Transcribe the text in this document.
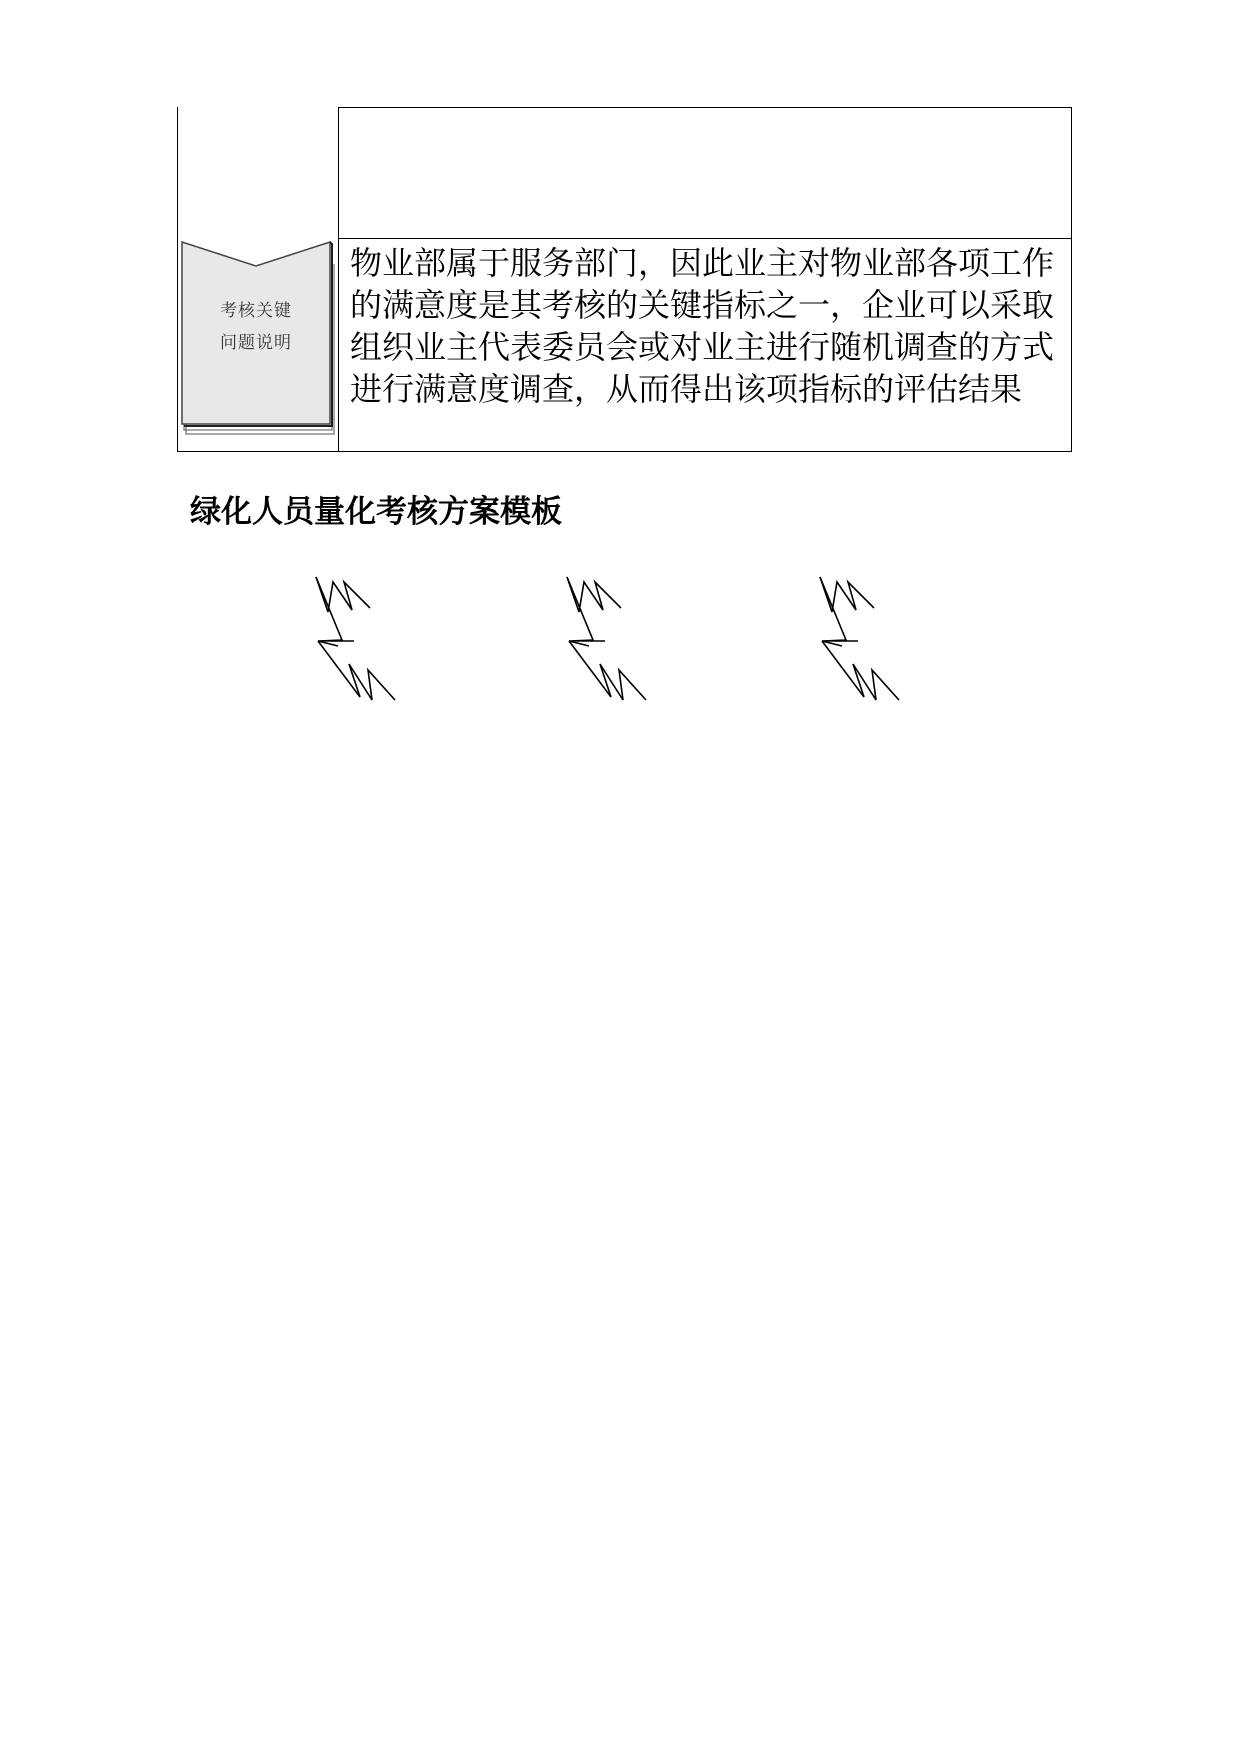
考核关键
问题说明
物业部属于服务部门，因此业主对物业部各项工作的满意度是其考核的关键指标之一，企业可以采取组织业主代表委员会或对业主进行随机调查的方式进行满意度调查，从而得出该项指标的评估结果
绿化人员量化考核方案模板
